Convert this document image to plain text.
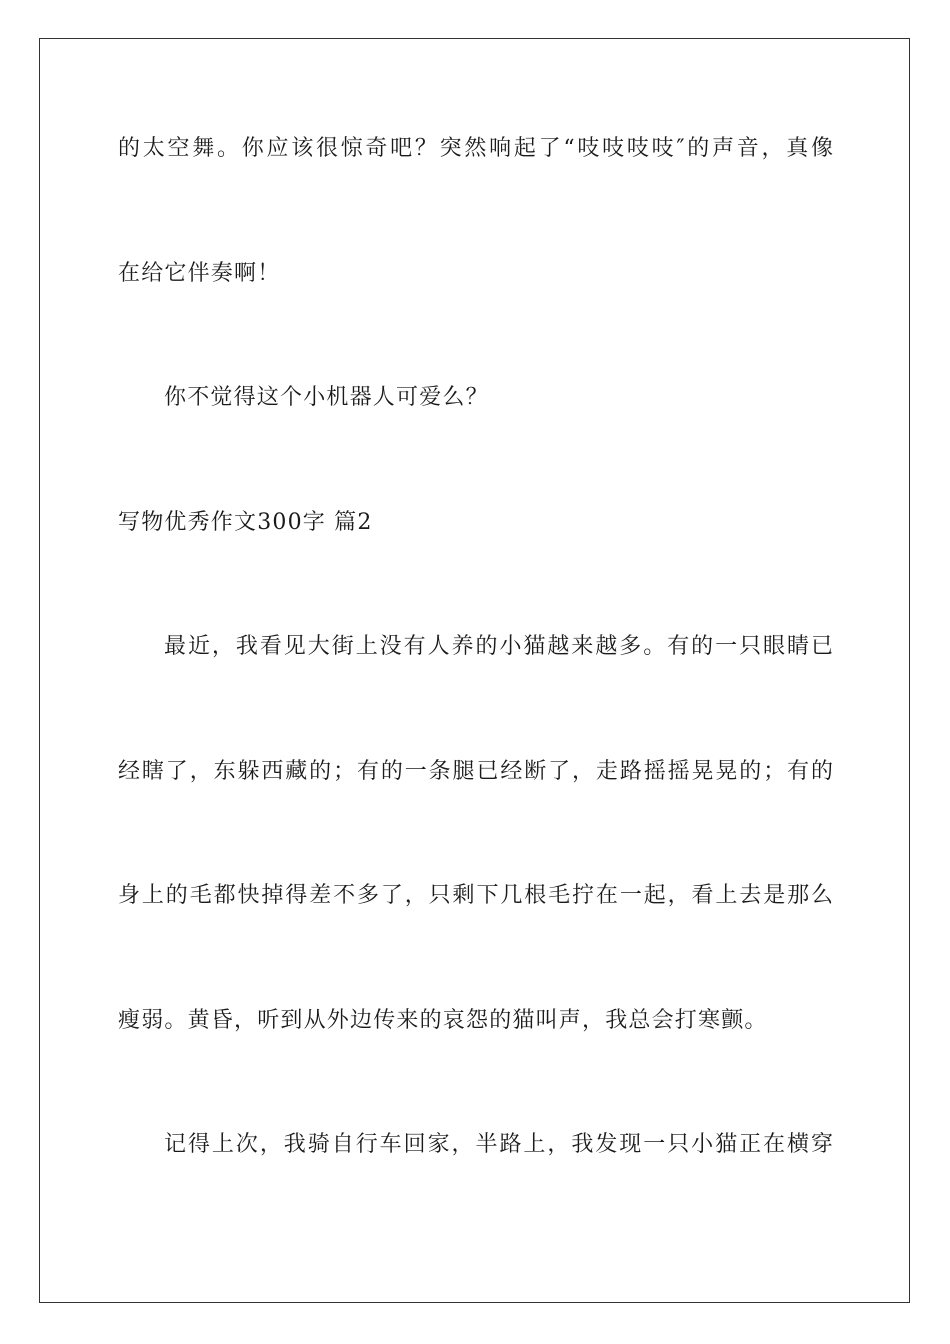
的太空舞。你应该很惊奇吧？突然响起了“吱吱吱吱″的声音，真像
在给它伴奏啊！
你不觉得这个小机器人可爱么？
写物优秀作文300字 篇2
最近，我看见大街上没有人养的小猫越来越多。有的一只眼睛已
经瞎了，东躲西藏的；有的一条腿已经断了，走路摇摇晃晃的；有的
身上的毛都快掉得差不多了，只剩下几根毛拧在一起，看上去是那么
瘦弱。黄昏，听到从外边传来的哀怨的猫叫声，我总会打寒颤。
记得上次，我骑自行车回家，半路上，我发现一只小猫正在横穿
